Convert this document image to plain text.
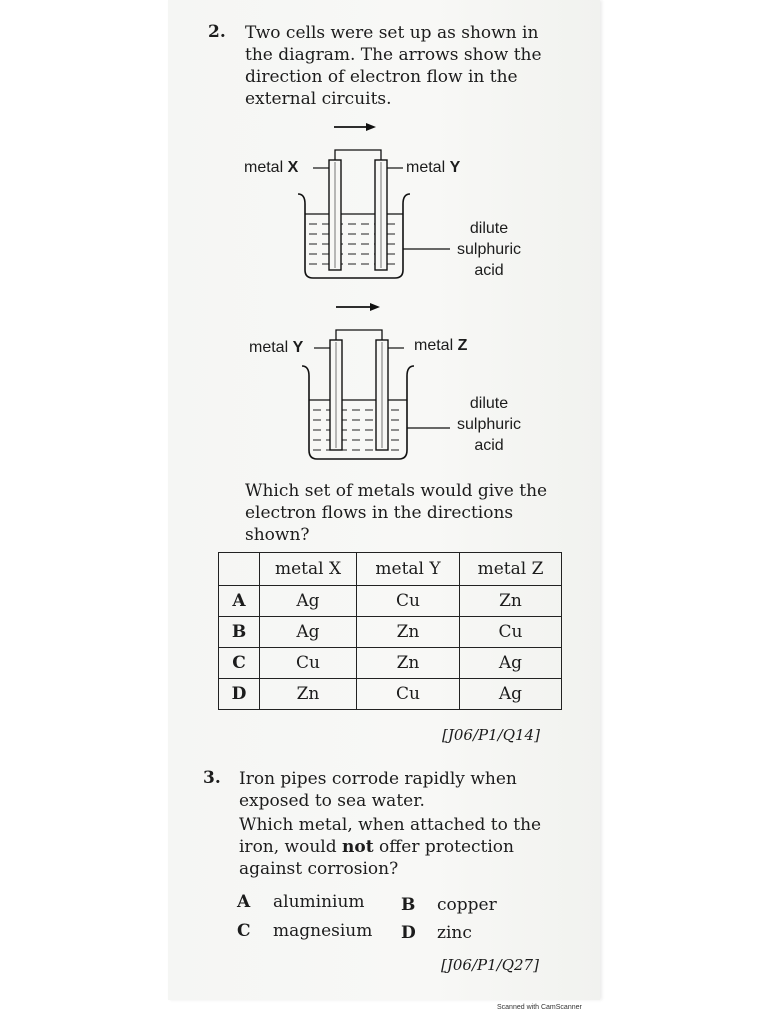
2. Two cells were set up as shown in
the diagram. The arrows show the
direction of electron flow in the
external circuits.
metal X	metal Y
dilute
sulphuric
acid
metal Y	metal Z
dilute
sulphuric
acid
Which set of metals would give the
electron flows in the directions
shown?
	metal X	metal Y	metal Z
A	Ag	Cu	Zn
B	Ag	Zn	Cu
C	Cu	Zn	Ag
D	Zn	Cu	Ag
[J06/P1/Q14]
3. Iron pipes corrode rapidly when
exposed to sea water.
Which metal, when attached to the
iron, would not offer protection
against corrosion?
A aluminium B copper
C magnesium D zinc
[J06/P1/Q27]
Scanned with CamScanner
